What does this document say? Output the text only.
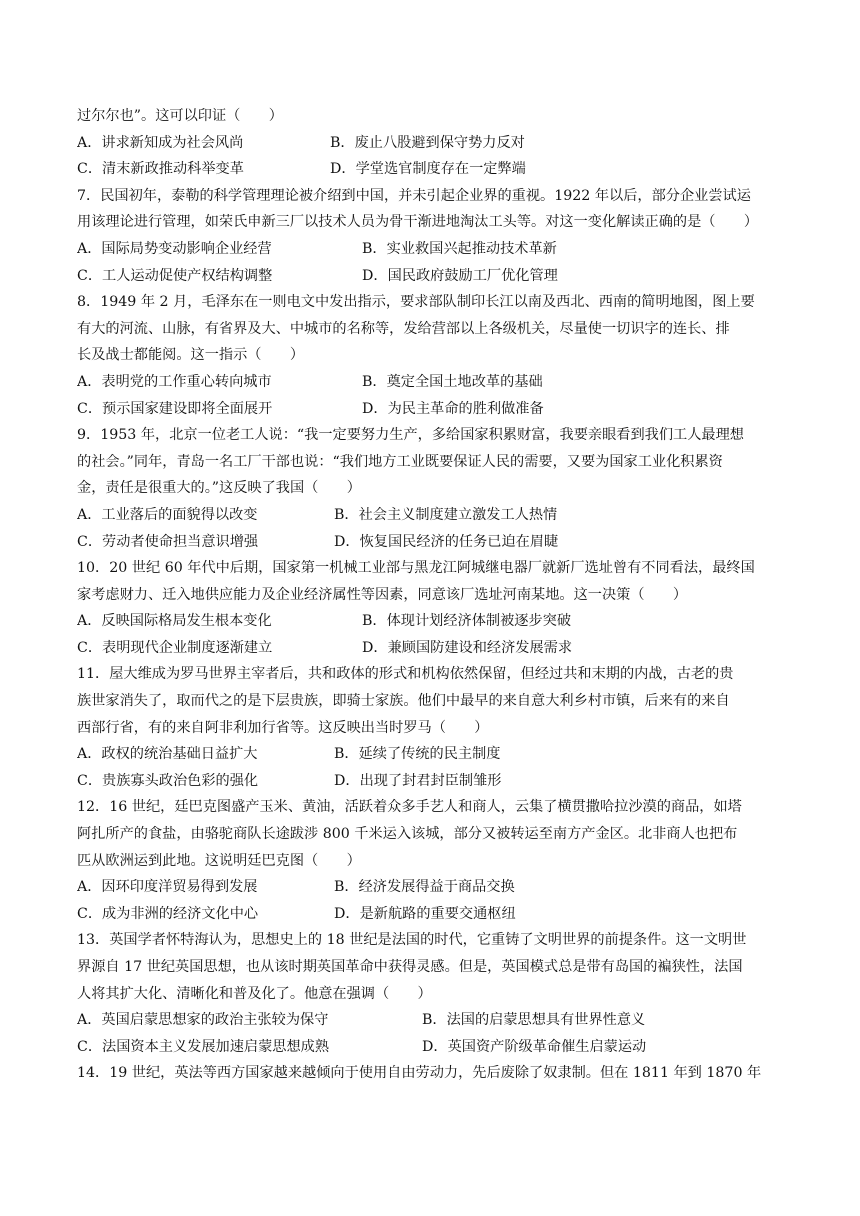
过尔尔也”。这可以印证（　　）
A．讲求新知成为社会风尚	B．废止八股避到保守势力反对
C．清末新政推动科举变革	D．学堂选官制度存在一定弊端
7．民国初年，泰勒的科学管理理论被介绍到中国，并未引起企业界的重视。1922 年以后，部分企业尝试运
用该理论进行管理，如荣氏申新三厂以技术人员为骨干渐进地淘汰工头等。对这一变化解读正确的是（　　）
A．国际局势变动影响企业经营	B．实业救国兴起推动技术革新
C．工人运动促使产权结构调整	D．国民政府鼓励工厂优化管理
8．1949 年 2 月，毛泽东在一则电文中发出指示，要求部队制印长江以南及西北、西南的简明地图，图上要
有大的河流、山脉，有省界及大、中城市的名称等，发给营部以上各级机关，尽量使一切识字的连长、排
长及战士都能阅。这一指示（　　）
A．表明党的工作重心转向城市	B．奠定全国土地改革的基础
C．预示国家建设即将全面展开	D．为民主革命的胜利做准备
9．1953 年，北京一位老工人说：“我一定要努力生产，多给国家积累财富，我要亲眼看到我们工人最理想
的社会。”同年，青岛一名工厂干部也说：“我们地方工业既要保证人民的需要，又要为国家工业化积累资
金，责任是很重大的。”这反映了我国（　　）
A．工业落后的面貌得以改变	B．社会主义制度建立激发工人热情
C．劳动者使命担当意识增强	D．恢复国民经济的任务已迫在眉睫
10．20 世纪 60 年代中后期，国家第一机械工业部与黑龙江阿城继电器厂就新厂选址曾有不同看法，最终国
家考虑财力、迁入地供应能力及企业经济属性等因素，同意该厂选址河南某地。这一决策（　　）
A．反映国际格局发生根本变化	B．体现计划经济体制被逐步突破
C．表明现代企业制度逐渐建立	D．兼顾国防建设和经济发展需求
11．屋大维成为罗马世界主宰者后，共和政体的形式和机构依然保留，但经过共和末期的内战，古老的贵
族世家消失了，取而代之的是下层贵族，即骑士家族。他们中最早的来自意大利乡村市镇，后来有的来自
西部行省，有的来自阿非利加行省等。这反映出当时罗马（　　）
A．政权的统治基础日益扩大	B．延续了传统的民主制度
C．贵族寡头政治色彩的强化	D．出现了封君封臣制雏形
12．16 世纪，廷巴克图盛产玉米、黄油，活跃着众多手艺人和商人，云集了横贯撒哈拉沙漠的商品，如塔
阿扎所产的食盐，由骆驼商队长途跋涉 800 千米运入该城，部分又被转运至南方产金区。北非商人也把布
匹从欧洲运到此地。这说明廷巴克图（　　）
A．因环印度洋贸易得到发展	B．经济发展得益于商品交换
C．成为非洲的经济文化中心	D．是新航路的重要交通枢纽
13．英国学者怀特海认为，思想史上的 18 世纪是法国的时代，它重铸了文明世界的前提条件。这一文明世
界源自 17 世纪英国思想，也从该时期英国革命中获得灵感。但是，英国模式总是带有岛国的褊狭性，法国
人将其扩大化、清晰化和普及化了。他意在强调（　　）
A．英国启蒙思想家的政治主张较为保守	B．法国的启蒙思想具有世界性意义
C．法国资本主义发展加速启蒙思想成熟	D．英国资产阶级革命催生启蒙运动
14．19 世纪，英法等西方国家越来越倾向于使用自由劳动力，先后废除了奴隶制。但在 1811 年到 1870 年
